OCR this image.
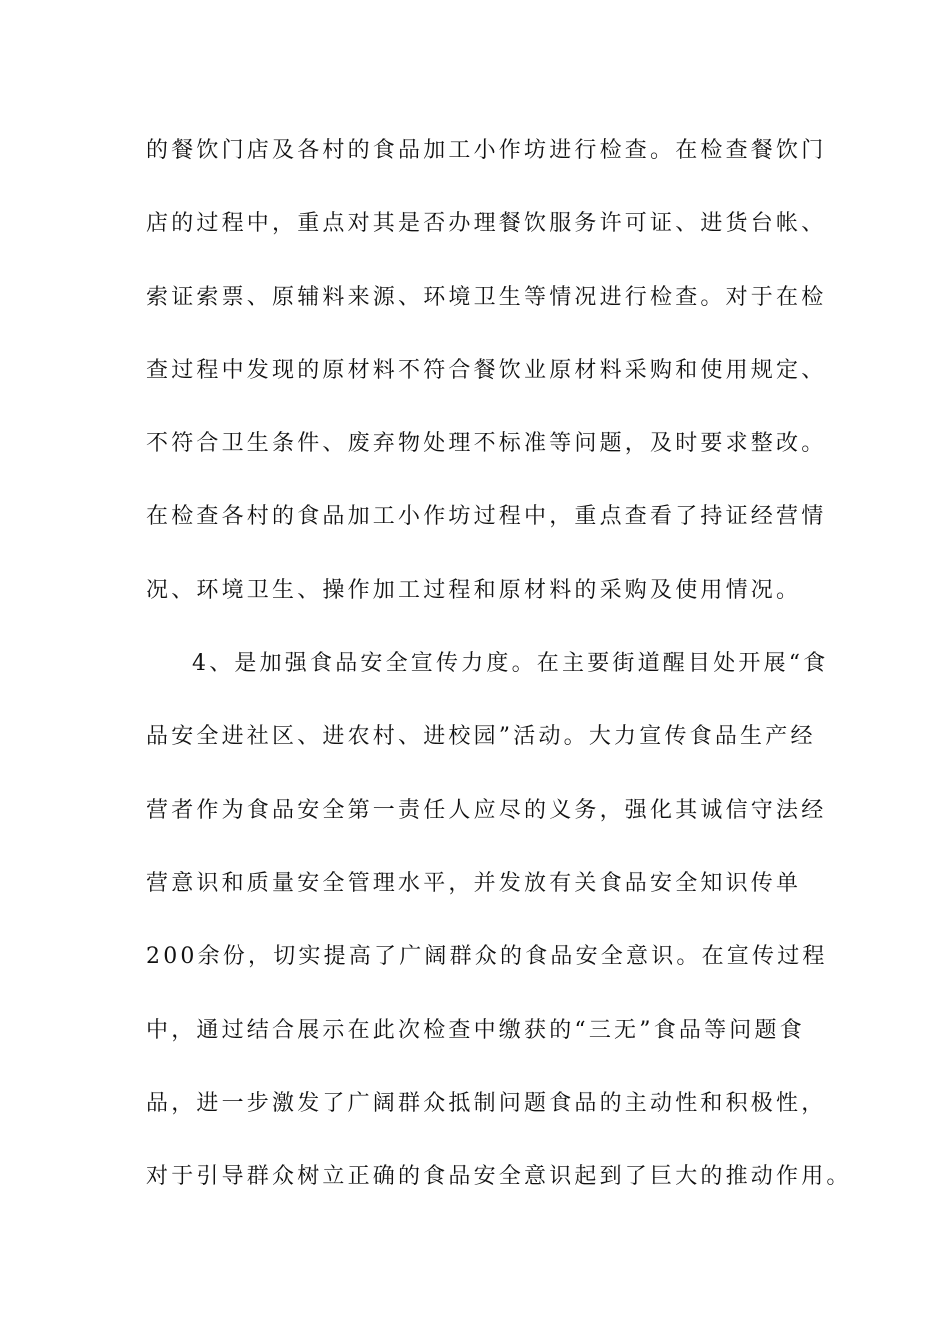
的餐饮门店及各村的食品加工小作坊进行检查。在检查餐饮门
店的过程中，重点对其是否办理餐饮服务许可证、进货台帐、
索证索票、原辅料来源、环境卫生等情况进行检查。对于在检
查过程中发现的原材料不符合餐饮业原材料采购和使用规定、
不符合卫生条件、废弃物处理不标准等问题，及时要求整改。
在检查各村的食品加工小作坊过程中，重点查看了持证经营情
况、环境卫生、操作加工过程和原材料的采购及使用情况。
4、是加强食品安全宣传力度。在主要街道醒目处开展“食
品安全进社区、进农村、进校园”活动。大力宣传食品生产经
营者作为食品安全第一责任人应尽的义务，强化其诚信守法经
营意识和质量安全管理水平，并发放有关食品安全知识传单
200余份，切实提高了广阔群众的食品安全意识。在宣传过程
中，通过结合展示在此次检查中缴获的“三无”食品等问题食
品，进一步激发了广阔群众抵制问题食品的主动性和积极性，
对于引导群众树立正确的食品安全意识起到了巨大的推动作用。
